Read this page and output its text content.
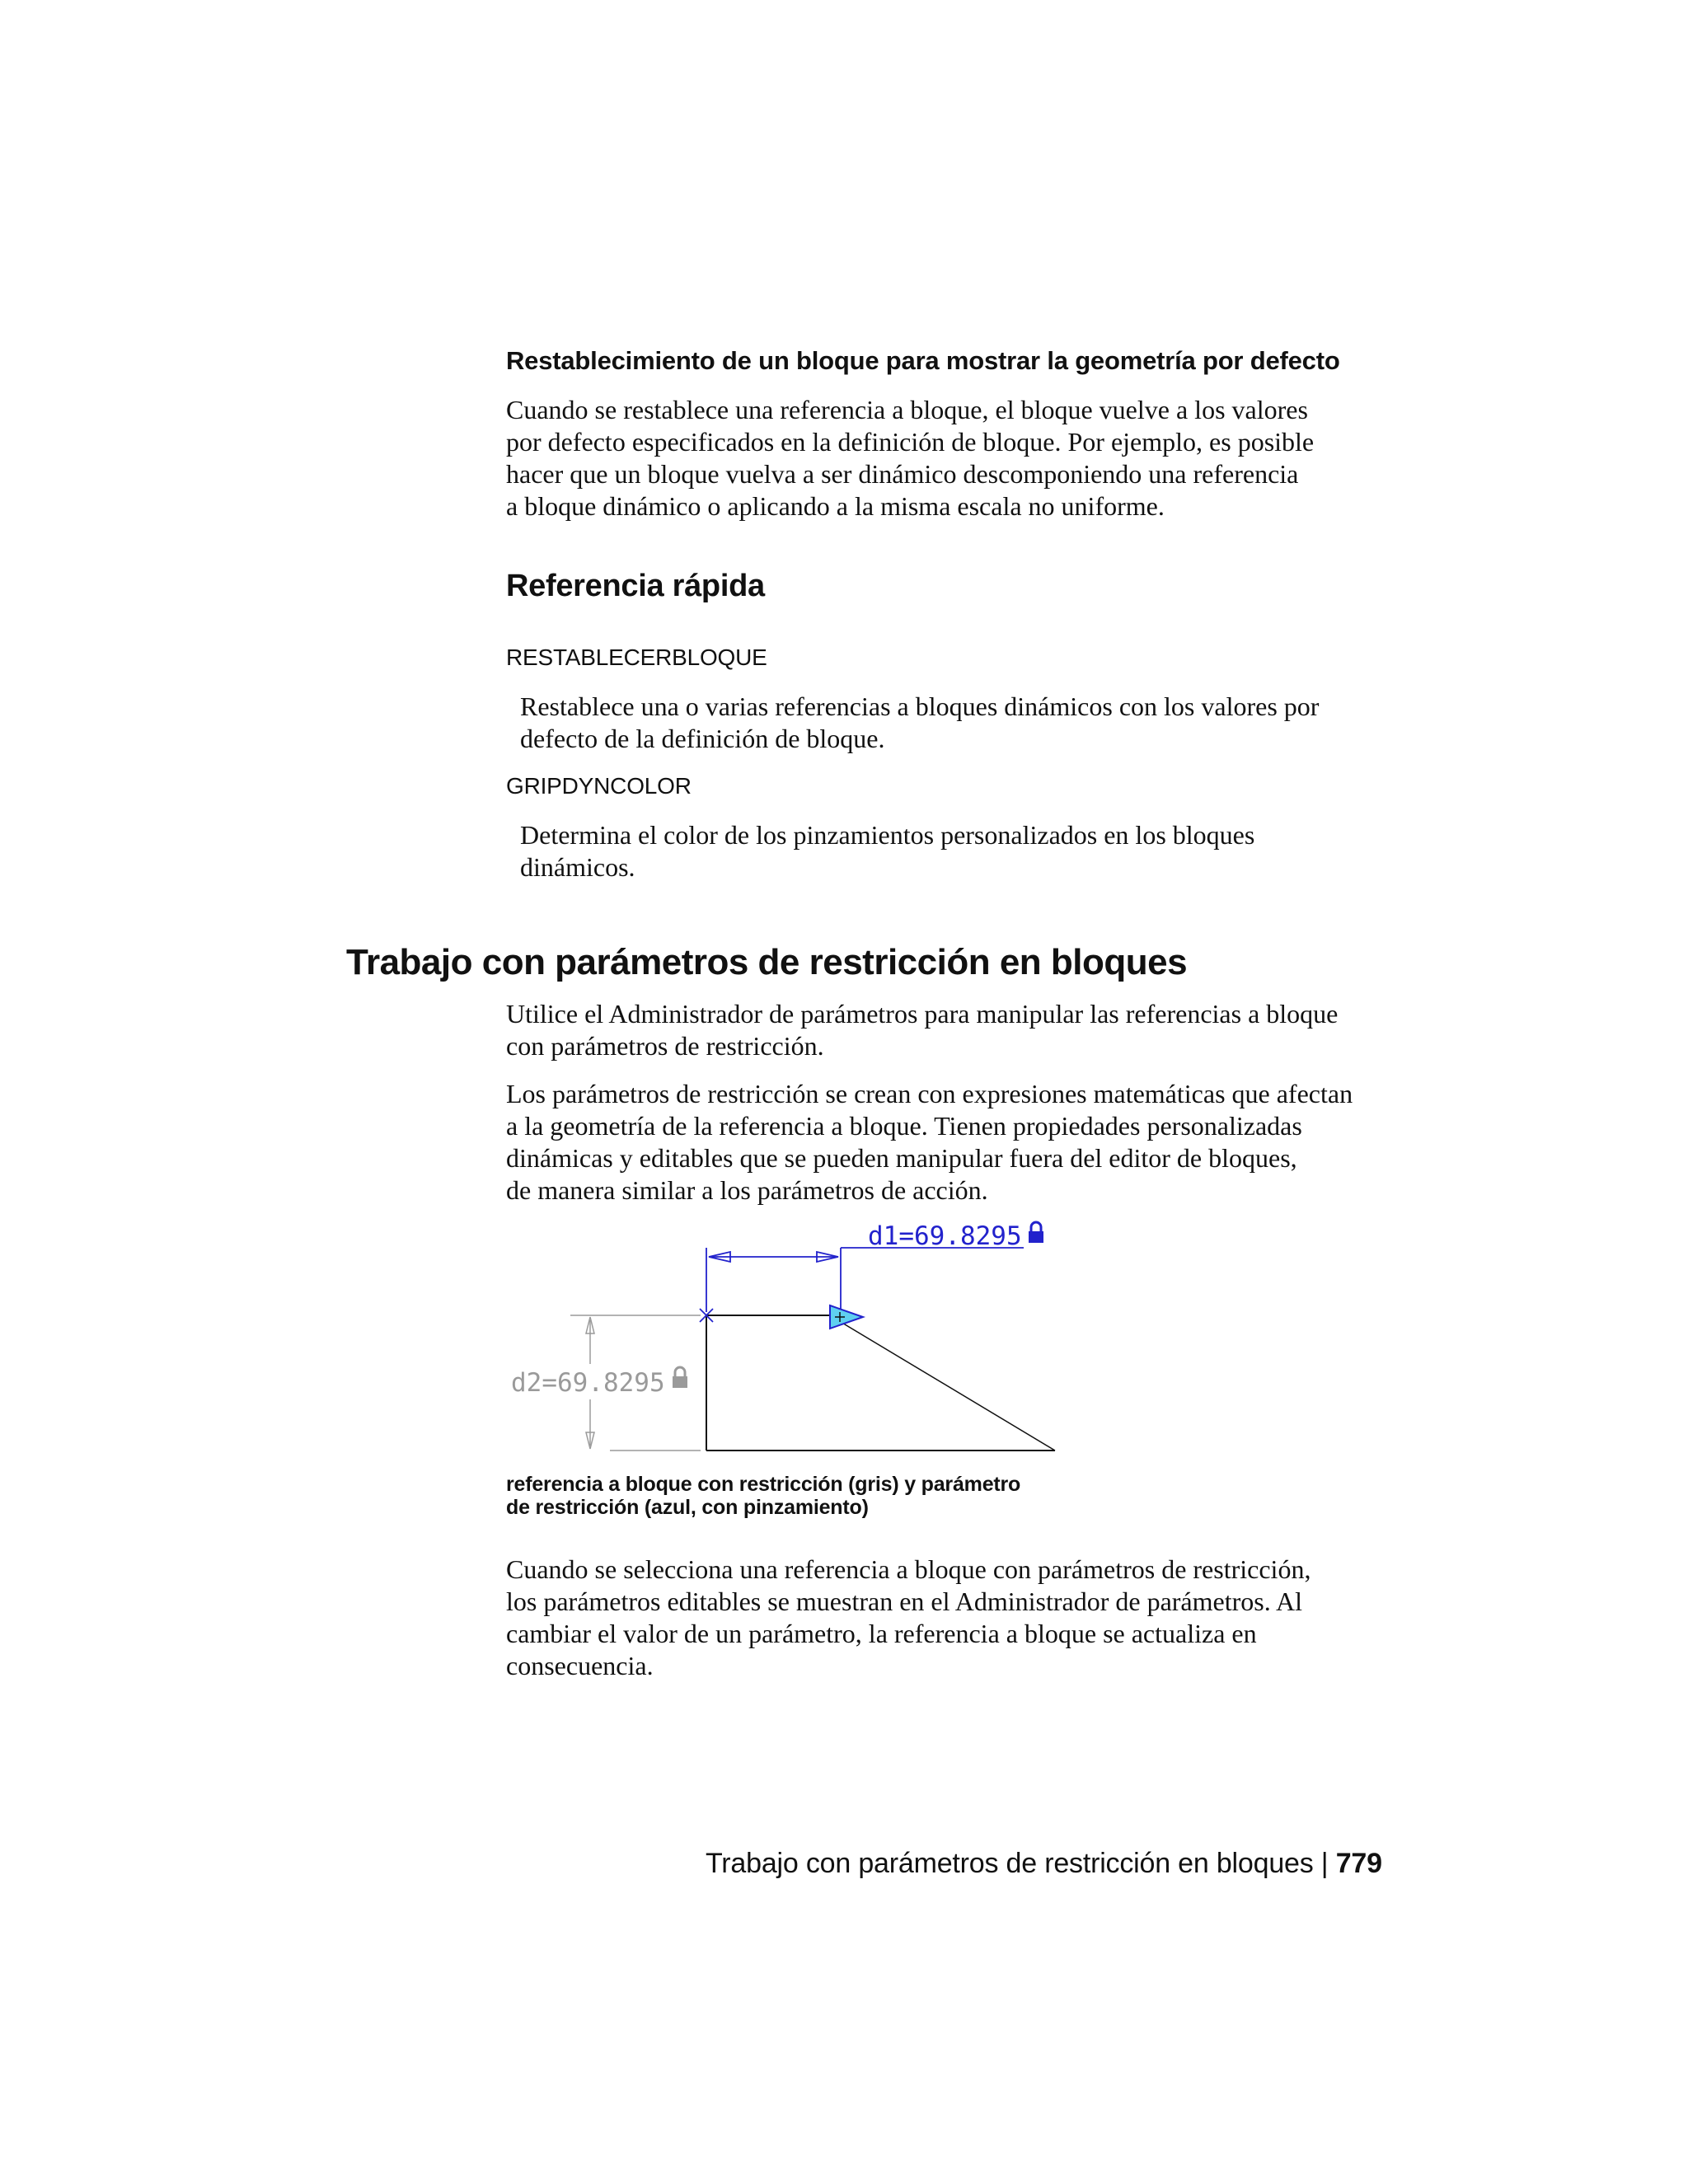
Restablecimiento de un bloque para mostrar la geometría por defecto
Cuando se restablece una referencia a bloque, el bloque vuelve a los valores
por defecto especificados en la definición de bloque. Por ejemplo, es posible
hacer que un bloque vuelva a ser dinámico descomponiendo una referencia
a bloque dinámico o aplicando a la misma escala no uniforme.
Referencia rápida
RESTABLECERBLOQUE
Restablece una o varias referencias a bloques dinámicos con los valores por
defecto de la definición de bloque.
GRIPDYNCOLOR
Determina el color de los pinzamientos personalizados en los bloques
dinámicos.
Trabajo con parámetros de restricción en bloques
Utilice el Administrador de parámetros para manipular las referencias a bloque
con parámetros de restricción.
Los parámetros de restricción se crean con expresiones matemáticas que afectan
a la geometría de la referencia a bloque. Tienen propiedades personalizadas
dinámicas y editables que se pueden manipular fuera del editor de bloques,
de manera similar a los parámetros de acción.
d2=69.8295
d1=69.8295
referencia a bloque con restricción (gris) y parámetro
de restricción (azul, con pinzamiento)
Cuando se selecciona una referencia a bloque con parámetros de restricción,
los parámetros editables se muestran en el Administrador de parámetros. Al
cambiar el valor de un parámetro, la referencia a bloque se actualiza en
consecuencia.
Trabajo con parámetros de restricción en bloques | 779
